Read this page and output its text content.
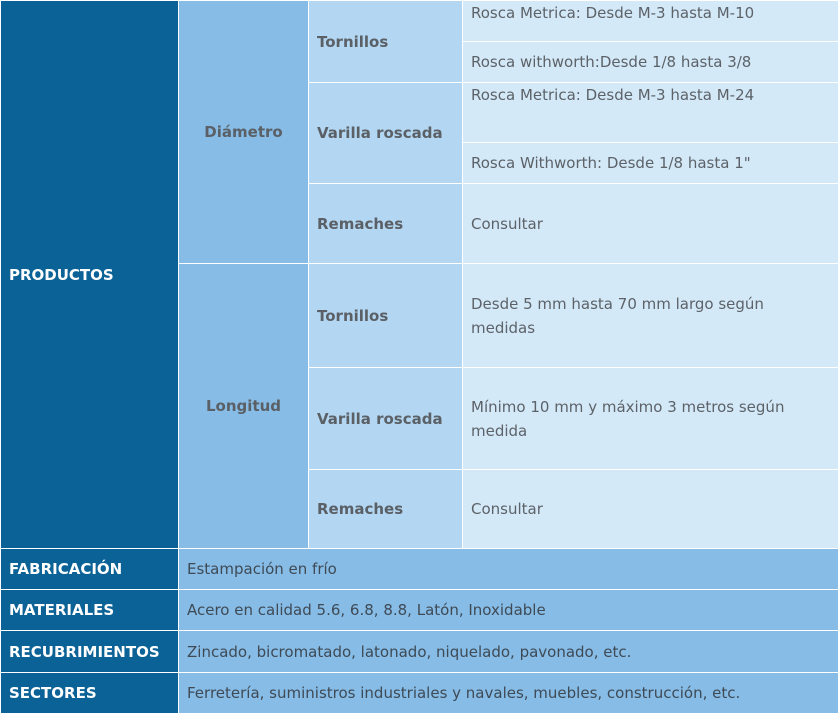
PRODUCTOS	Diámetro	Tornillos	Rosca Metrica: Desde M-3 hasta M-10
			Rosca withworth:Desde 1/8 hasta 3/8
		Varilla roscada	Rosca Metrica: Desde M-3 hasta M-24
			Rosca Withworth: Desde 1/8 hasta 1"
		Remaches	Consultar
	Longitud	Tornillos	Desde 5 mm hasta 70 mm largo según medidas
		Varilla roscada	Mínimo 10 mm y máximo 3 metros según medida
		Remaches	Consultar

FABRICACIÓN	Estampación en frío		
MATERIALES	Acero en calidad 5.6, 6.8, 8.8, Latón, Inoxidable		
RECUBRIMIENTOS	Zincado, bicromatado, latonado, niquelado, pavonado, etc.		
SECTORES	Ferretería, suministros industriales y navales, muebles, construcción, etc.		
